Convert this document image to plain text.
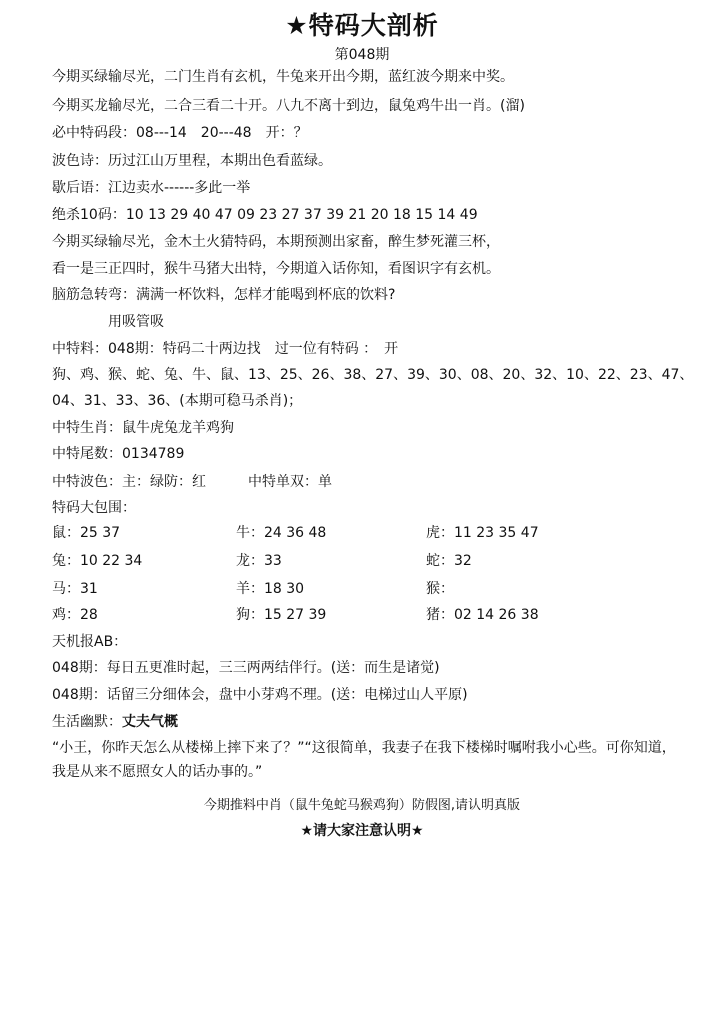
★特码大剖析
第048期
今期买绿输尽光，二门生肖有玄机，牛兔来开出今期，蓝红波今期来中奖。
今期买龙输尽光，二合三看二十开。八九不离十到边，鼠兔鸡牛出一肖。(溜)
必中特码段：08---14　20---48　开：？
波色诗：历过江山万里程，本期出色看蓝绿。
歇后语：江边卖水------多此一举
绝杀10码：10 13 29 40 47 09 23 27 37 39 21 20 18 15 14 49
今期买绿输尽光，金木土火猜特码，本期预测出家畜，醉生梦死灌三杯，
看一是三正四时，猴牛马猪大出特，今期道入话你知，看图识字有玄机。
脑筋急转弯：满满一杯饮料，怎样才能喝到杯底的饮料?
用吸管吸
中特料：048期：特码二十两边找　过一位有特码 ：　开
狗、鸡、猴、蛇、兔、牛、鼠、13、25、26、38、27、39、30、08、20、32、10、22、23、47、
04、31、33、36、(本期可稳马杀肖)；
中特生肖：鼠牛虎兔龙羊鸡狗
中特尾数：0134789
中特波色：主：绿防：红	中特单双：单
特码大包围：
鼠：25 37	牛：24 36 48	虎：11 23 35 47
兔：10 22 34	龙：33	蛇：32
马：31	羊：18 30	猴：
鸡：28	狗：15 27 39	猪：02 14 26 38
天机报AB：
048期：每日五更准时起，三三两两结伴行。(送：而生是诸觉)
048期：话留三分细体会，盘中小芽鸡不理。(送：电梯过山人平原)
生活幽默：丈夫气概
“小王，你昨天怎么从楼梯上摔下来了？”“这很简单，我妻子在我下楼梯时嘱咐我小心些。可你知道，我是从来不愿照女人的话办事的。”
今期推料中肖（鼠牛兔蛇马猴鸡狗）防假图,请认明真版
★请大家注意认明★
